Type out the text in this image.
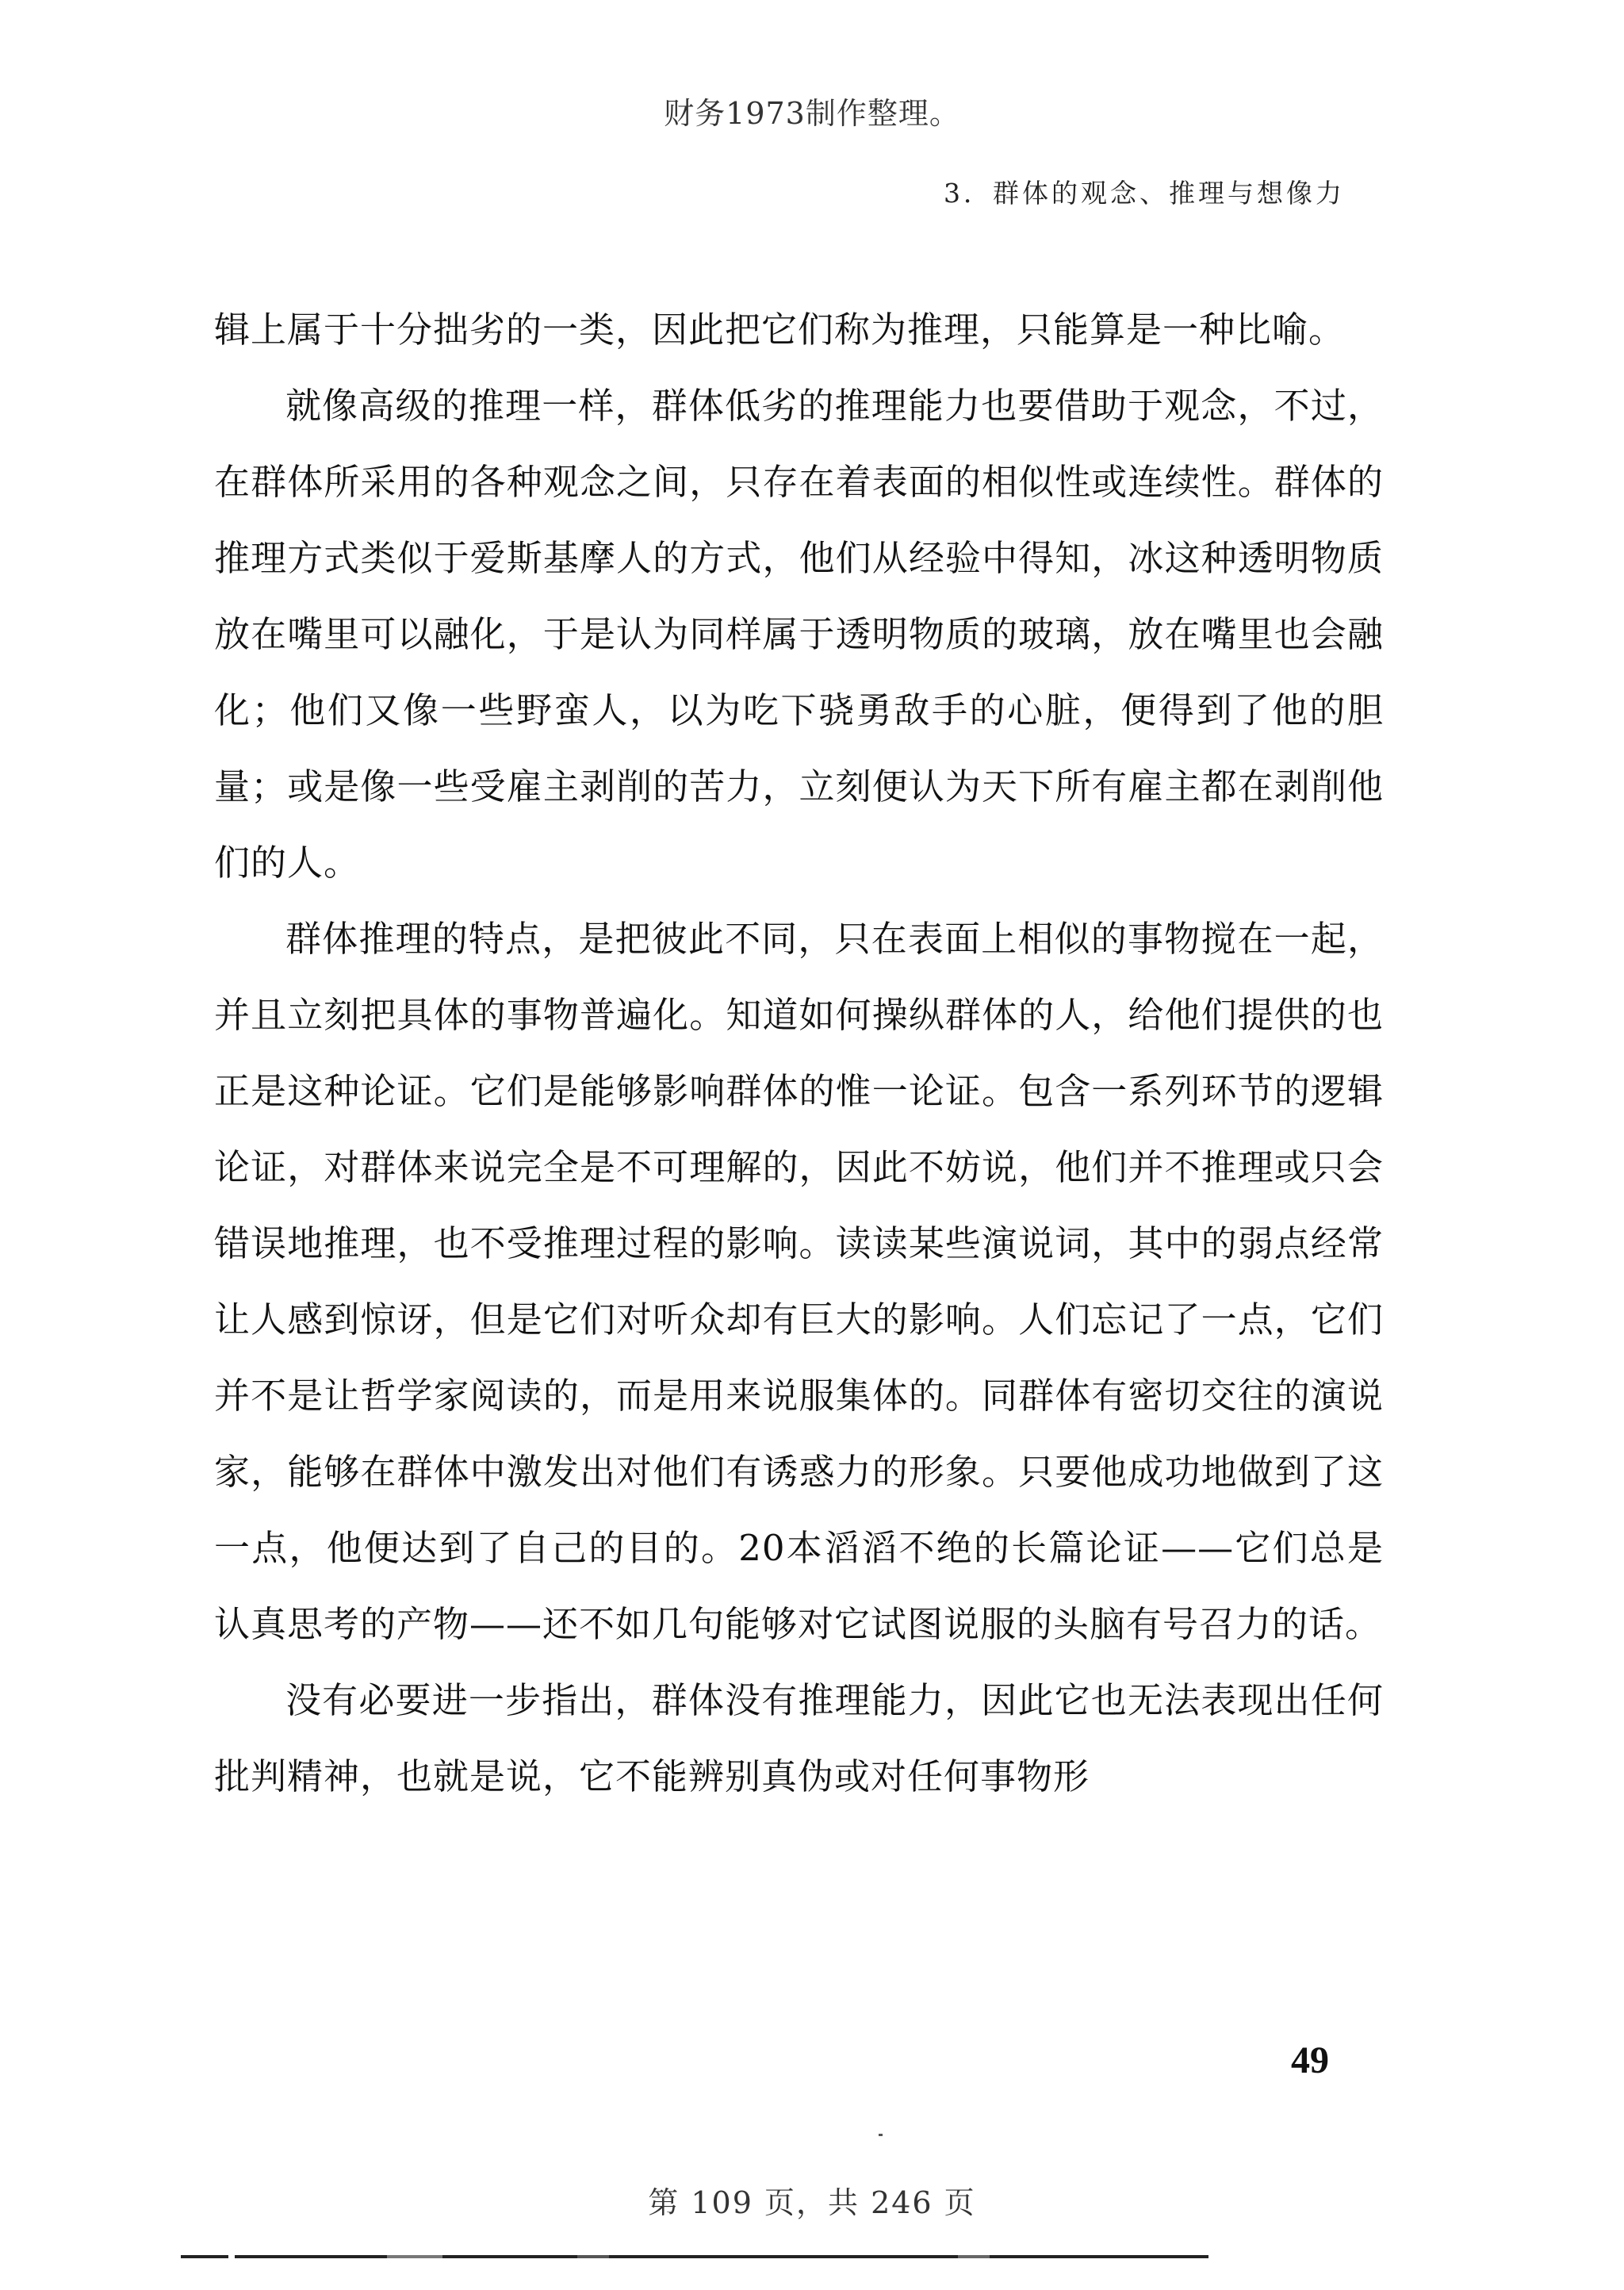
财务1973制作整理。
3．群体的观念、推理与想像力

辑上属于十分拙劣的一类，因此把它们称为推理，只能算是一种比喻。

就像高级的推理一样，群体低劣的推理能力也要借助于观念，不过，在群体所采用的各种观念之间，只存在着表面的相似性或连续性。群体的推理方式类似于爱斯基摩人的方式，他们从经验中得知，冰这种透明物质放在嘴里可以融化，于是认为同样属于透明物质的玻璃，放在嘴里也会融化；他们又像一些野蛮人，以为吃下骁勇敌手的心脏，便得到了他的胆量；或是像一些受雇主剥削的苦力，立刻便认为天下所有雇主都在剥削他们的人。

群体推理的特点，是把彼此不同，只在表面上相似的事物搅在一起，并且立刻把具体的事物普遍化。知道如何操纵群体的人，给他们提供的也正是这种论证。它们是能够影响群体的惟一论证。包含一系列环节的逻辑论证，对群体来说完全是不可理解的，因此不妨说，他们并不推理或只会错误地推理，也不受推理过程的影响。读读某些演说词，其中的弱点经常让人感到惊讶，但是它们对听众却有巨大的影响。人们忘记了一点，它们并不是让哲学家阅读的，而是用来说服集体的。同群体有密切交往的演说家，能够在群体中激发出对他们有诱惑力的形象。只要他成功地做到了这一点，他便达到了自己的目的。20本滔滔不绝的长篇论证——它们总是认真思考的产物——还不如几句能够对它试图说服的头脑有号召力的话。

没有必要进一步指出，群体没有推理能力，因此它也无法表现出任何批判精神，也就是说，它不能辨别真伪或对任何事物形

49
第 109 页，共 246 页
